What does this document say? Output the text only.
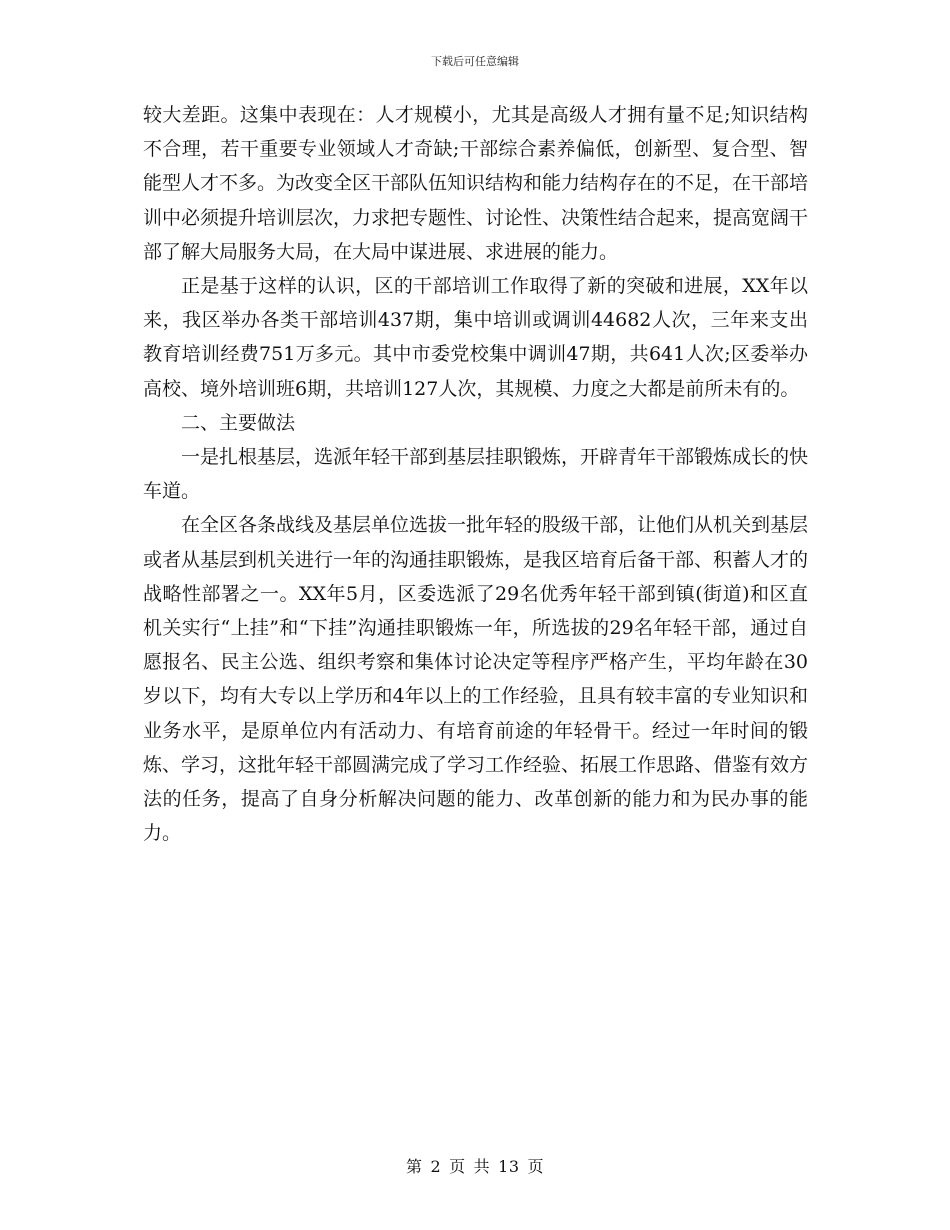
下载后可任意编辑

较大差距。这集中表现在：人才规模小，尤其是高级人才拥有量不足;知识结构不合理，若干重要专业领域人才奇缺;干部综合素养偏低，创新型、复合型、智能型人才不多。为改变全区干部队伍知识结构和能力结构存在的不足，在干部培训中必须提升培训层次，力求把专题性、讨论性、决策性结合起来，提高宽阔干部了解大局服务大局，在大局中谋进展、求进展的能力。

正是基于这样的认识，区的干部培训工作取得了新的突破和进展，XX年以来，我区举办各类干部培训437期，集中培训或调训44682人次，三年来支出教育培训经费751万多元。其中市委党校集中调训47期，共641人次;区委举办高校、境外培训班6期，共培训127人次，其规模、力度之大都是前所未有的。

二、主要做法

一是扎根基层，选派年轻干部到基层挂职锻炼，开辟青年干部锻炼成长的快车道。

在全区各条战线及基层单位选拔一批年轻的股级干部，让他们从机关到基层或者从基层到机关进行一年的沟通挂职锻炼，是我区培育后备干部、积蓄人才的战略性部署之一。XX年5月，区委选派了29名优秀年轻干部到镇(街道)和区直机关实行“上挂”和“下挂”沟通挂职锻炼一年，所选拔的29名年轻干部，通过自愿报名、民主公选、组织考察和集体讨论决定等程序严格产生，平均年龄在30岁以下，均有大专以上学历和4年以上的工作经验，且具有较丰富的专业知识和业务水平，是原单位内有活动力、有培育前途的年轻骨干。经过一年时间的锻炼、学习，这批年轻干部圆满完成了学习工作经验、拓展工作思路、借鉴有效方法的任务，提高了自身分析解决问题的能力、改革创新的能力和为民办事的能力。

第 2 页 共 13 页
